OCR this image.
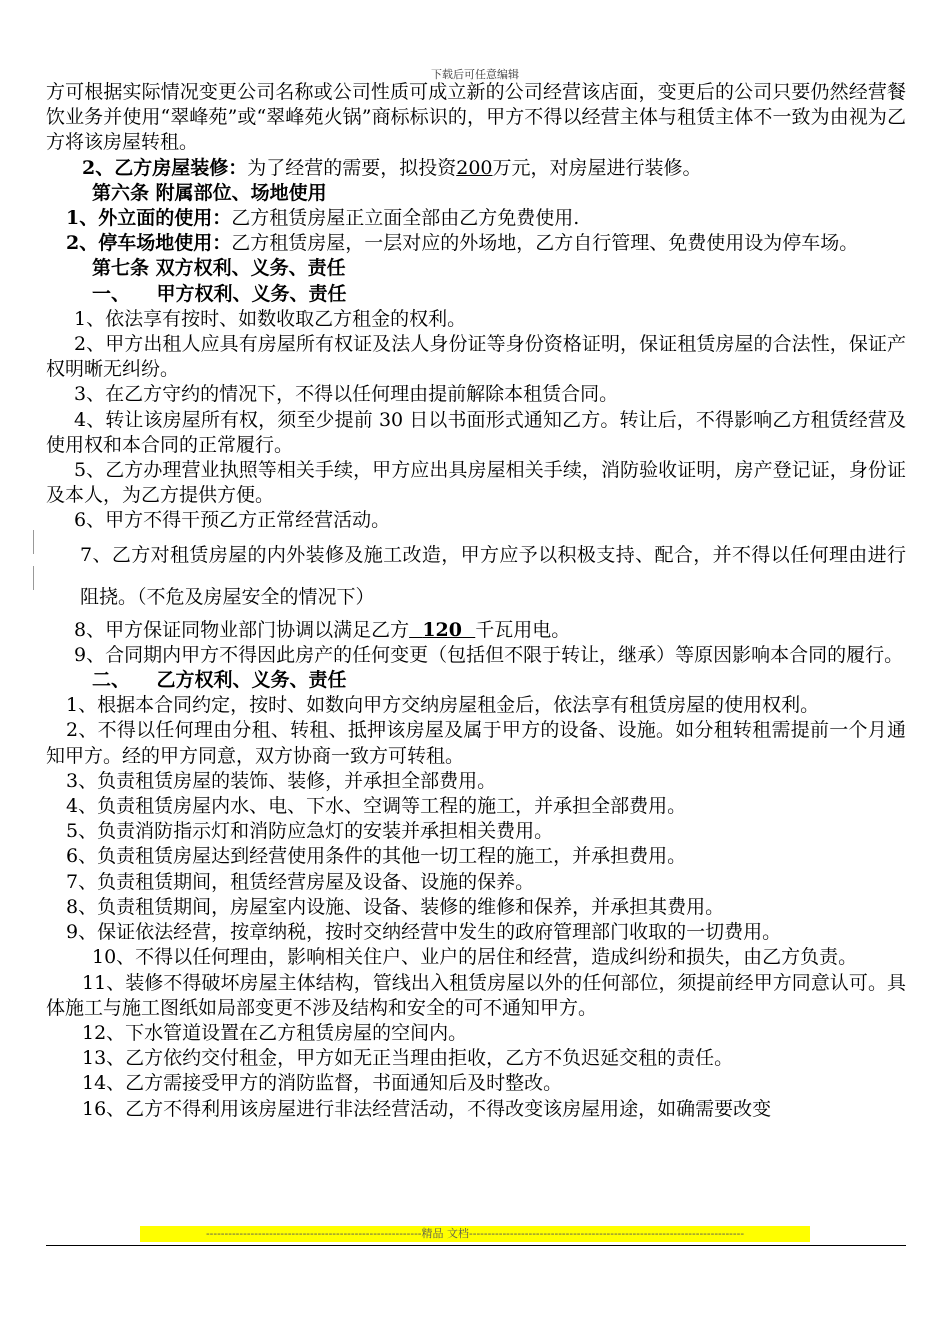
下载后可任意编辑

方可根据实际情况变更公司名称或公司性质可成立新的公司经营该店面，变更后的公司只要仍然经营餐饮业务并使用“翠峰苑”或“翠峰苑火锅”商标标识的，甲方不得以经营主体与租赁主体不一致为由视为乙方将该房屋转租。

2、乙方房屋装修：为了经营的需要，拟投资200万元，对房屋进行装修。

第六条 附属部位、场地使用

1、外立面的使用：乙方租赁房屋正立面全部由乙方免费使用.

2、停车场地使用：乙方租赁房屋，一层对应的外场地，乙方自行管理、免费使用设为停车场。

第七条 双方权利、义务、责任

一、    甲方权利、义务、责任

1、依法享有按时、如数收取乙方租金的权利。

2、甲方出租人应具有房屋所有权证及法人身份证等身份资格证明，保证租赁房屋的合法性，保证产权明晰无纠纷。

3、在乙方守约的情况下，不得以任何理由提前解除本租赁合同。

4、转让该房屋所有权，须至少提前 30 日以书面形式通知乙方。转让后，不得影响乙方租赁经营及使用权和本合同的正常履行。

5、乙方办理营业执照等相关手续，甲方应出具房屋相关手续，消防验收证明，房产登记证，身份证及本人，为乙方提供方便。

6、甲方不得干预乙方正常经营活动。

7、乙方对租赁房屋的内外装修及施工改造，甲方应予以积极支持、配合，并不得以任何理由进行阻挠。（不危及房屋安全的情况下）

8、甲方保证同物业部门协调以满足乙方 120 千瓦用电。

9、合同期内甲方不得因此房产的任何变更（包括但不限于转让，继承）等原因影响本合同的履行。

二、    乙方权利、义务、责任

1、根据本合同约定，按时、如数向甲方交纳房屋租金后，依法享有租赁房屋的使用权利。

2、不得以任何理由分租、转租、抵押该房屋及属于甲方的设备、设施。如分租转租需提前一个月通知甲方。经的甲方同意，双方协商一致方可转租。

3、负责租赁房屋的装饰、装修，并承担全部费用。

4、负责租赁房屋内水、电、下水、空调等工程的施工，并承担全部费用。

5、负责消防指示灯和消防应急灯的安装并承担相关费用。

6、负责租赁房屋达到经营使用条件的其他一切工程的施工，并承担费用。

7、负责租赁期间，租赁经营房屋及设备、设施的保养。

8、负责租赁期间，房屋室内设施、设备、装修的维修和保养，并承担其费用。

9、保证依法经营，按章纳税，按时交纳经营中发生的政府管理部门收取的一切费用。

10、不得以任何理由，影响相关住户、业户的居住和经营，造成纠纷和损失，由乙方负责。

11、装修不得破坏房屋主体结构，管线出入租赁房屋以外的任何部位，须提前经甲方同意认可。具体施工与施工图纸如局部变更不涉及结构和安全的可不通知甲方。

12、下水管道设置在乙方租赁房屋的空间内。

13、乙方依约交付租金，甲方如无正当理由拒收，乙方不负迟延交租的责任。

14、乙方需接受甲方的消防监督，书面通知后及时整改。

16、乙方不得利用该房屋进行非法经营活动，不得改变该房屋用途，如确需要改变

----------------------------------------------------------精品 文档--------------------------------------------------------------------------
